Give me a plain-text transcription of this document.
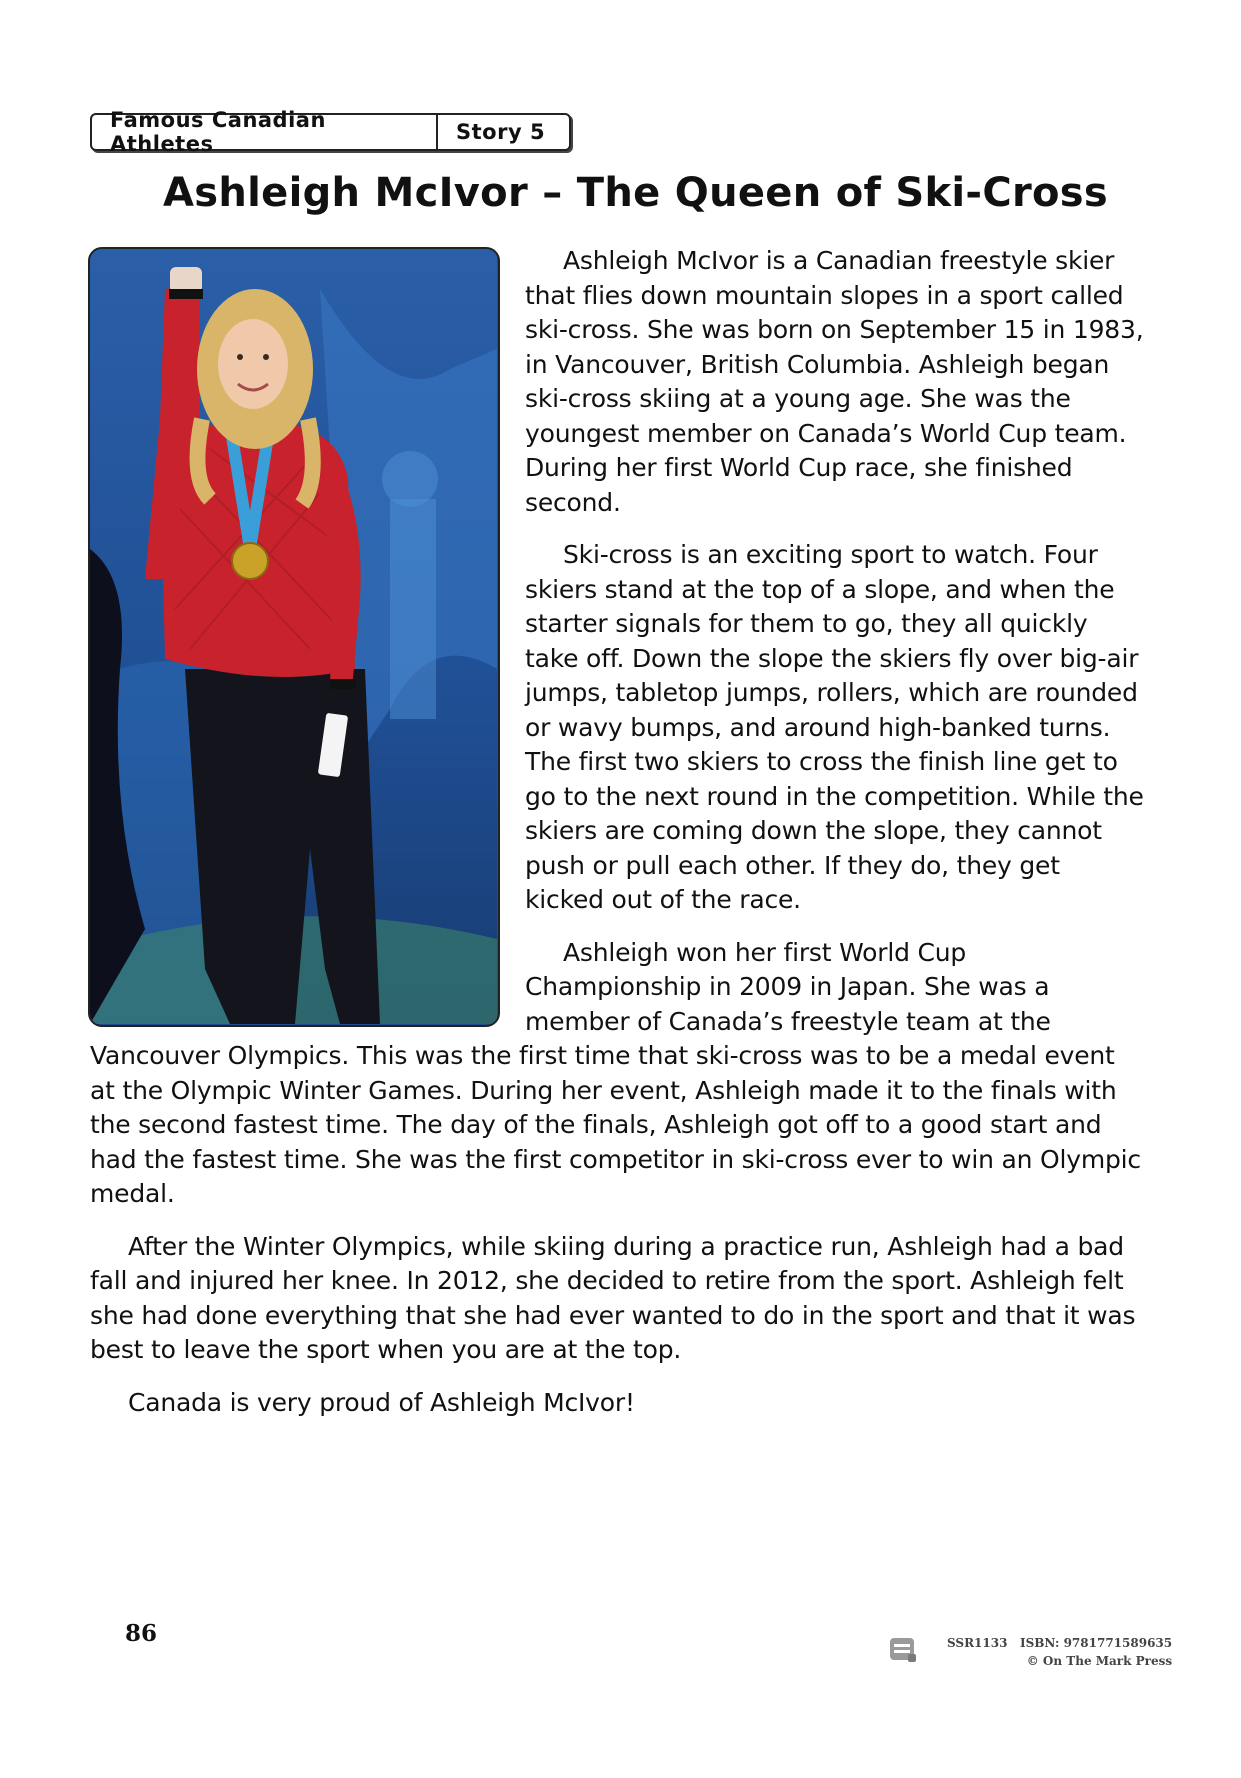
Famous Canadian Athletes	Story 5
Ashleigh McIvor – The Queen of Ski-Cross

Ashleigh McIvor is a Canadian freestyle skier that flies down mountain slopes in a sport called ski-cross. She was born on September 15 in 1983, in Vancouver, British Columbia. Ashleigh began ski-cross skiing at a young age. She was the youngest member on Canada’s World Cup team. During her first World Cup race, she finished second.

Ski-cross is an exciting sport to watch. Four skiers stand at the top of a slope, and when the starter signals for them to go, they all quickly take off. Down the slope the skiers fly over big-air jumps, tabletop jumps, rollers, which are rounded or wavy bumps, and around high-banked turns. The first two skiers to cross the finish line get to go to the next round in the competition. While the skiers are coming down the slope, they cannot push or pull each other. If they do, they get kicked out of the race.

Ashleigh won her first World Cup Championship in 2009 in Japan. She was a member of Canada’s freestyle team at the Vancouver Olympics. This was the first time that ski-cross was to be a medal event at the Olympic Winter Games. During her event, Ashleigh made it to the finals with the second fastest time. The day of the finals, Ashleigh got off to a good start and had the fastest time. She was the first competitor in ski-cross ever to win an Olympic medal.

After the Winter Olympics, while skiing during a practice run, Ashleigh had a bad fall and injured her knee. In 2012, she decided to retire from the sport. Ashleigh felt she had done everything that she had ever wanted to do in the sport and that it was best to leave the sport when you are at the top.

Canada is very proud of Ashleigh McIvor!

86	SSR1133 ISBN: 9781771589635
© On The Mark Press
